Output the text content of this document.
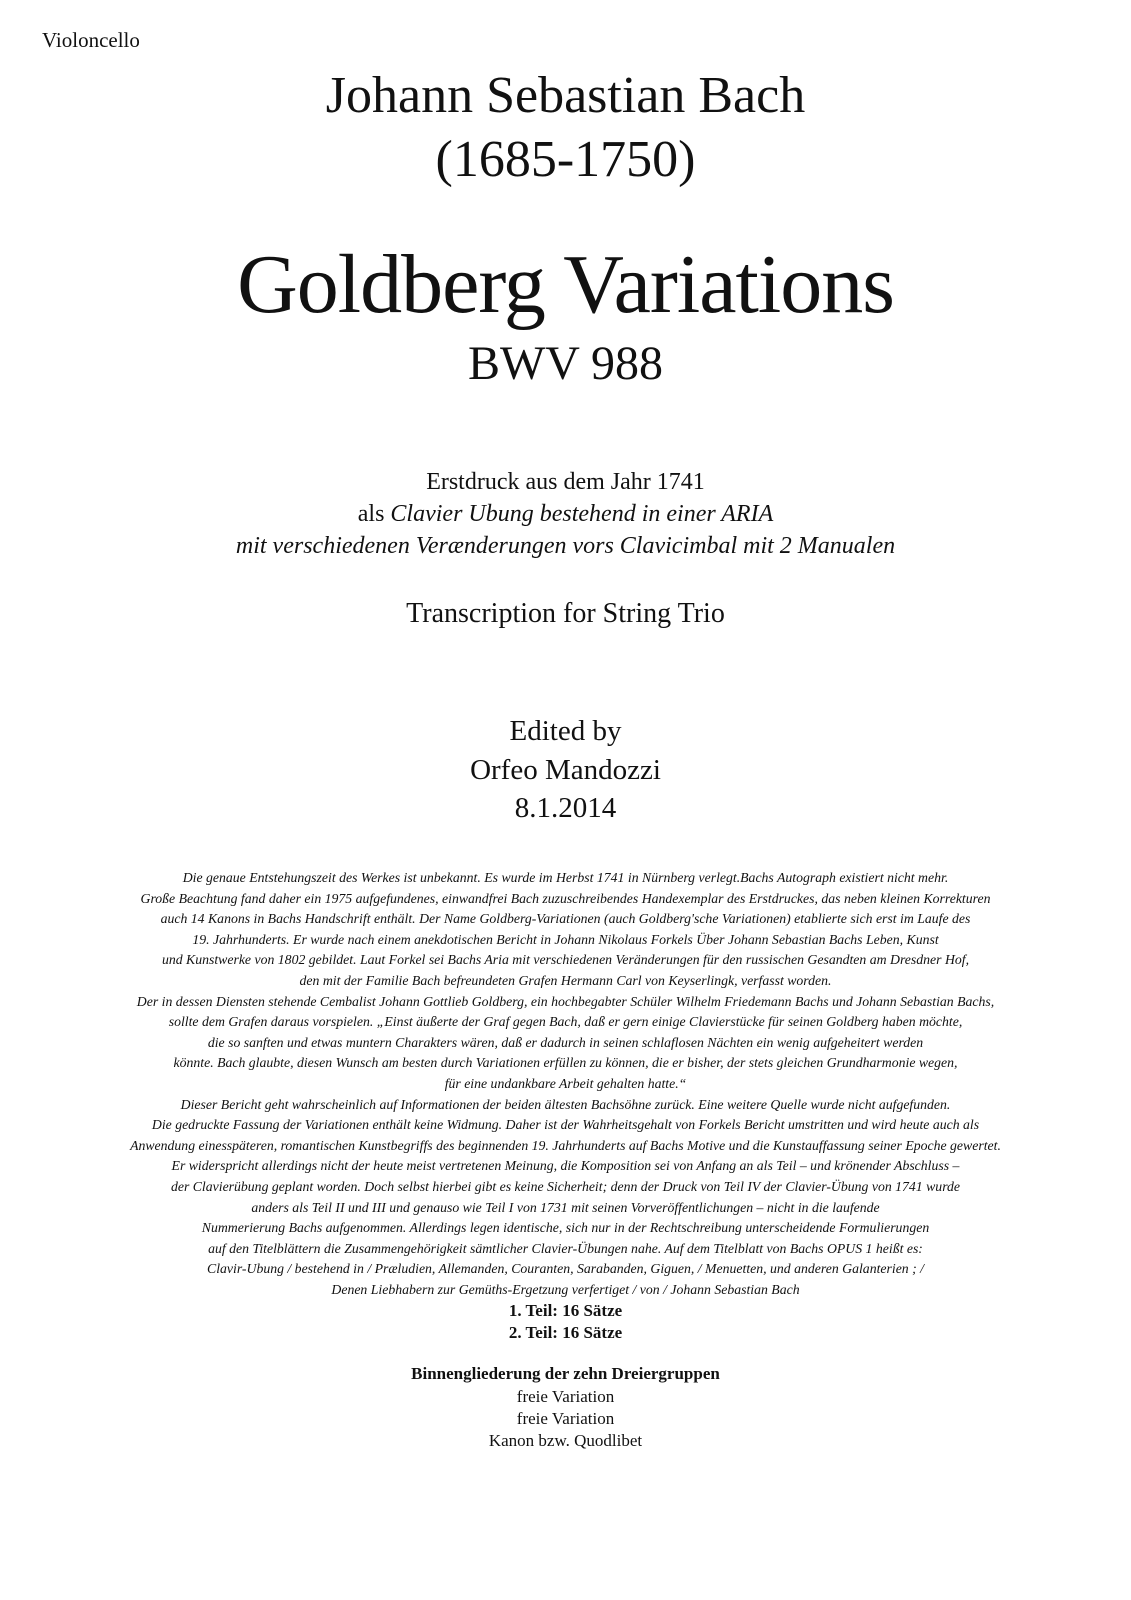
Violoncello
Johann Sebastian Bach
(1685-1750)
Goldberg Variations
BWV 988
Erstdruck aus dem Jahr 1741
als Clavier Ubung bestehend in einer ARIA
mit verschiedenen Verænderungen vors Clavicimbal mit 2 Manualen
Transcription for String Trio
Edited by
Orfeo Mandozzi
8.1.2014
Die genaue Entstehungszeit des Werkes ist unbekannt. Es wurde im Herbst 1741 in Nürnberg verlegt.Bachs Autograph existiert nicht mehr.
Große Beachtung fand daher ein 1975 aufgefundenes, einwandfrei Bach zuzuschreibendes Handexemplar des Erstdruckes, das neben kleinen Korrekturen
auch 14 Kanons in Bachs Handschrift enthält. Der Name Goldberg-Variationen (auch Goldberg'sche Variationen) etablierte sich erst im Laufe des
19. Jahrhunderts. Er wurde nach einem anekdotischen Bericht in Johann Nikolaus Forkels Über Johann Sebastian Bachs Leben, Kunst
und Kunstwerke von 1802 gebildet. Laut Forkel sei Bachs Aria mit verschiedenen Veränderungen für den russischen Gesandten am Dresdner Hof,
den mit der Familie Bach befreundeten Grafen Hermann Carl von Keyserlingk, verfasst worden.
Der in dessen Diensten stehende Cembalist Johann Gottlieb Goldberg, ein hochbegabter Schüler Wilhelm Friedemann Bachs und Johann Sebastian Bachs,
sollte dem Grafen daraus vorspielen. „Einst äußerte der Graf gegen Bach, daß er gern einige Clavierstücke für seinen Goldberg haben möchte,
die so sanften und etwas muntern Charakters wären, daß er dadurch in seinen schlaflosen Nächten ein wenig aufgeheitert werden
könnte. Bach glaubte, diesen Wunsch am besten durch Variationen erfüllen zu können, die er bisher, der stets gleichen Grundharmonie wegen,
für eine undankbare Arbeit gehalten hatte.“
Dieser Bericht geht wahrscheinlich auf Informationen der beiden ältesten Bachsöhne zurück. Eine weitere Quelle wurde nicht aufgefunden.
Die gedruckte Fassung der Variationen enthält keine Widmung. Daher ist der Wahrheitsgehalt von Forkels Bericht umstritten und wird heute auch als
Anwendung einesspäteren, romantischen Kunstbegriffs des beginnenden 19. Jahrhunderts auf Bachs Motive und die Kunstauffassung seiner Epoche gewertet.
Er widerspricht allerdings nicht der heute meist vertretenen Meinung, die Komposition sei von Anfang an als Teil – und krönender Abschluss –
der Clavierübung geplant worden. Doch selbst hierbei gibt es keine Sicherheit; denn der Druck von Teil IV der Clavier-Übung von 1741 wurde
anders als Teil II und III und genauso wie Teil I von 1731 mit seinen Vorveröffentlichungen – nicht in die laufende
Nummerierung Bachs aufgenommen. Allerdings legen identische, sich nur in der Rechtschreibung unterscheidende Formulierungen
auf den Titelblättern die Zusammengehörigkeit sämtlicher Clavier-Übungen nahe. Auf dem Titelblatt von Bachs OPUS 1 heißt es:
Clavir-Ubung / bestehend in / Præludien, Allemanden, Couranten, Sarabanden, Giguen, / Menuetten, und anderen Galanterien ; /
Denen Liebhabern zur Gemüths-Ergetzung verfertiget / von / Johann Sebastian Bach
1. Teil: 16 Sätze
2. Teil: 16 Sätze
Binnengliederung der zehn Dreiergruppen
freie Variation
freie Variation
Kanon bzw. Quodlibet
